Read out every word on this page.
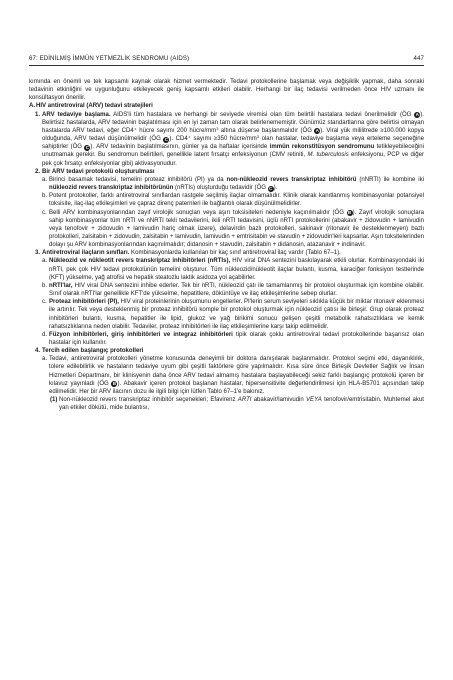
67: EDİNİLMİŞ İMMÜN YETMEZLİK SENDROMU (AIDS)	447

kımında en önemli ve tek kapsamlı kaynak olarak hizmet vermektedir. Tedavi protokollerine başlamak veya değişiklik yapmak, daha sonraki tedavinin etkinliğini ve uygunluğunu etkileyecek geniş kapsamlı etkileri olabilir. Herhangi bir ilaç tedavisi verilmeden önce HIV uzmanı ile konsültasyon önerilir.

A. HIV antiretroviral (ARV) tedavi stratejileri
1. ARV tedaviye başlama. AIDS'li tüm hastalara ve herhangi bir seviyede viremisi olan tüm belirtili hastalara tedavi önerilmelidir (ÖG A). Belirtisiz hastalarda, ARV tedavinin başlatılması için en iyi zaman tam olarak belirlenememiştir. Günümüz standartlarına göre belirtisi olmayan hastalarda ARV tedavi, eğer CD4⁺ hücre sayımı 200 hücre/$mm^3$ altına düşerse başlanmalıdır (ÖG A). Viral yük mililitrede ≥100.000 kopya olduğunda, ARV tedavi düşünülmelidir (ÖG C). CD4⁺ sayımı ≥350 hücre/$mm^3$ olan hastalar, tedaviye başlama veya erteleme seçeneğine sahiptirler (ÖG C). ARV tedavinin başlatılmasının, günler ya da haftalar içerisinde immün rekonstitüsyon sendromunu tetikleyebileceğini unutmamak gerekir. Bu sendromun belirtileri, genellikle latent fırsatçı enfeksiyonun (CMV retiniti, M. tuberculosis enfeksiyonu, PCP ve diğer pek çok fırsatçı enfeksiyonlar gibi) aktivasyonudur.
2. Bir ARV tedavi protokolü oluşturulması
a. Birinci basamak tedavisi, temelini proteaz inhibitörü (PI) ya da non-nükleozid revers transkriptaz inhibitörü (nNRTI) ile kombine iki nükleozid revers transkriptaz inhibitörünün (nRTIs) oluşturduğu tedavidir (ÖG C).
b. Potent protokoller, farklı antiretroviral sınıflardan rastgele seçilmiş ilaçlar olmamalıdır. Klinik olarak kanıtlanmış kombinasyonlar potansiyel toksisite, ilaç-ilaç etkileşimleri ve çapraz direnç paternleri ile bağlantılı olarak düşünülmelidirler.
c. Belli ARV kombinasyonlarından zayıf virolojik sonuçları veya aşırı toksisiteleri nedeniyle kaçınılmalıdır (ÖG B). Zayıf virolojik sonuçlara sahip kombinasyonlar tüm nRTI ve nNRTI tekli tedavilerini, ikili nRTI tedavisini, üçlü nRTI protokollerini (abakavir + zidovudin + lamivudin veya tenofovir + zidovudin + lamivudin hariç olmak üzere), delavirdin bazlı protokolleri, sakinavir (ritonavir ile desteklenmeyen) bazlı protokolleri, zalsitabin + zidovudin, zalsitabin + lamivudin, lamivudin + emtrisitabin ve stavudin + zidovudin'leri kapsarlar. Aşırı toksitelerinden dolayı şu ARV kombinasyonlarından kaçınılmalıdır; didanosin + stavudin, zalsitabin + didanosin, atazanavir + indinavir.
3. Antiretroviral ilaçların sınıfları. Kombinasyonlarda kullanılan bir kaç sınıf antiretroviral ilaç vardır (Tablo 67–1).
a. Nükleozid ve nükleotit revers transkriptaz inhibitörleri (nRTIs), HIV viral DNA sentezini baskılayarak etkili olurlar. Kombinasyondaki iki nRTI, pek çok HIV tedavi protokolünün temelini oluşturur. Tüm nükleozid/nükleotit ilaçlar bulantı, kusma, karaciğer fonksiyon testlerinde (KFT) yükselme, yağ atrofisi ve hepatik steatozlu laktik asidoza yol açabilirler.
b. nRTI'lar, HIV viral DNA sentezini inhibe ederler. Tek bir nRTI, nükleozid çatı ile tamamlanmış bir protokol oluşturmak için kombine olabilir. Sınıf olarak nRTI'lar genellikle KFT'de yükselme, hepatitlere, döküntüye ve ilaç etkileşimlerine sebep olurlar.
c. Proteaz inhibitörleri (PI), HIV viral proteinlerinin oluşumunu engellerler. PI'lerin serum seviyeleri sıklıkla küçük bir miktar ritonavir eklenmesi ile artırılır. Tek veya desteklenmiş bir proteaz inhibitörü komple bir protokol oluşturmak için nükleozid çatısı ile birleşir. Grup olarak proteaz inhibitörleri bulantı, kusma, hepatitler ile lipid, glukoz ve yağ birikimi sonucu gelişen çeşitli metabolik rahatsızlıklara ve kemik rahatsızlıklarına neden olabilir. Tedaviler, proteaz inhibitörleri ile ilaç etkileşimlerine karşı takip edilmelidir.
d. Füzyon inhibitörleri, giriş inhibitörleri ve integraz inhibitörleri tipik olarak çoklu antiretroviral tedavi protokollerinde başarısız olan hastalar için kullanılır.
4. Tercih edilen başlangıç protokolleri
a. Tedavi, antiretroviral protokolleri yönetme konusunda deneyimli bir doktora danışılarak başlanmalıdır. Protokol seçimi etki, dayanıklılık, tolere edilebilirlik ve hastaların tedaviye uyum gibi çeşitli faktörlere göre yapılmalıdır. Kısa süre önce Birleşik Devletler Sağlık ve İnsan Hizmetleri Departmanı, bir klinisyenin daha önce ARV tedavi almamış hastalara başlayabileceği sekiz farklı başlangıç protokolü içeren bir kılavuz yayınladı (ÖG B). Abakavir içeren protokol başlanan hastalar, hipersensitivite değerlendirilmesi için HLA-B5701 açısından takip edilmelidir. Her bir ARV ilacının dozu ile ilgili bilgi için lütfen Tablo 67–1'e bakınız.
(1) Non-nükleozid revers transkriptaz inhibitör seçenekleri; Efavirenz ARTI abakavir/lamivudin VEYA tenofovir/emtrisitabin. Muhtemel akut yan etkiler dökütü, mide bulantısı,
